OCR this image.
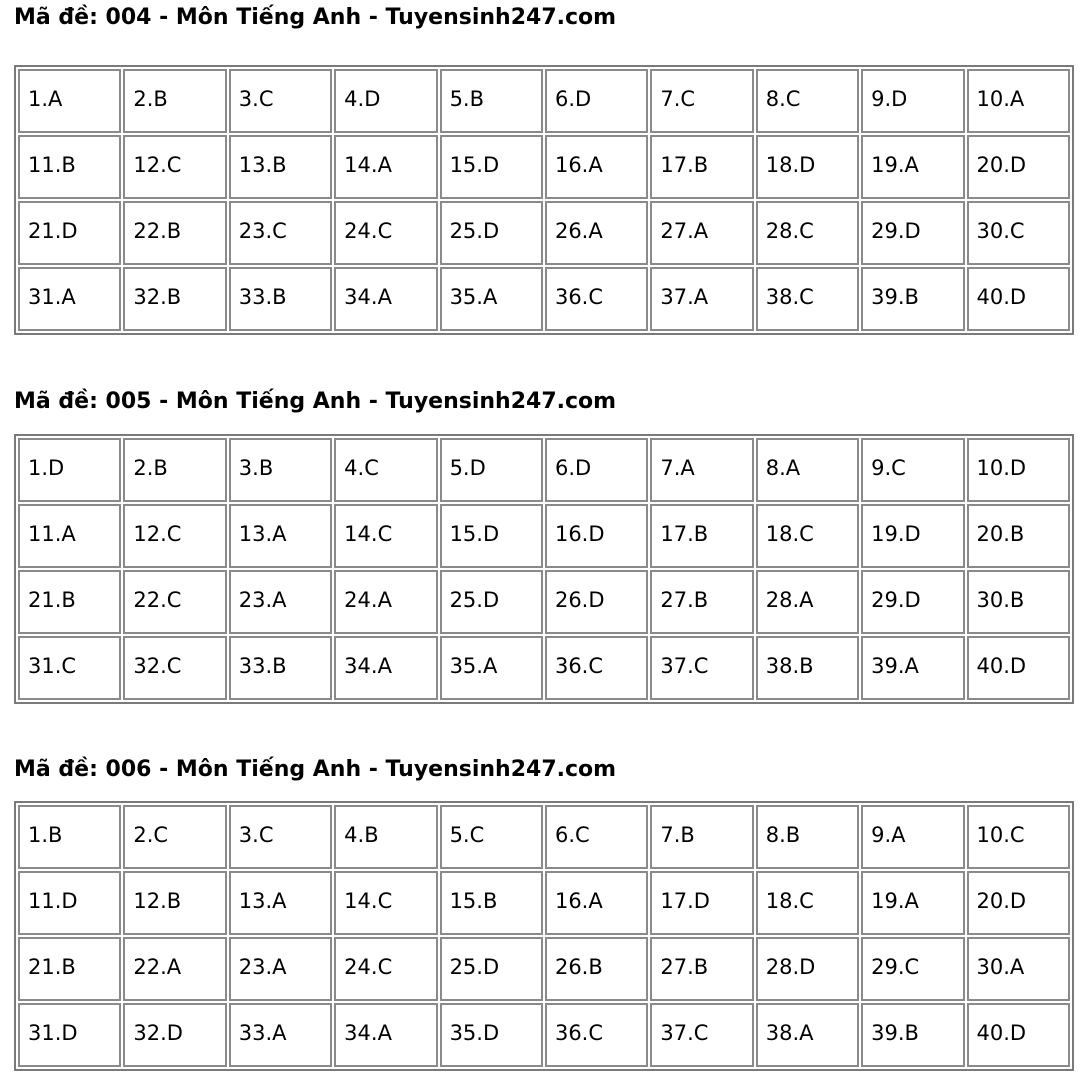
Mã đề: 004 - Môn Tiếng Anh - Tuyensinh247.com
1.A	2.B	3.C	4.D	5.B	6.D	7.C	8.C	9.D	10.A
11.B	12.C	13.B	14.A	15.D	16.A	17.B	18.D	19.A	20.D
21.D	22.B	23.C	24.C	25.D	26.A	27.A	28.C	29.D	30.C
31.A	32.B	33.B	34.A	35.A	36.C	37.A	38.C	39.B	40.D
Mã đề: 005 - Môn Tiếng Anh - Tuyensinh247.com
1.D	2.B	3.B	4.C	5.D	6.D	7.A	8.A	9.C	10.D
11.A	12.C	13.A	14.C	15.D	16.D	17.B	18.C	19.D	20.B
21.B	22.C	23.A	24.A	25.D	26.D	27.B	28.A	29.D	30.B
31.C	32.C	33.B	34.A	35.A	36.C	37.C	38.B	39.A	40.D
Mã đề: 006 - Môn Tiếng Anh - Tuyensinh247.com
1.B	2.C	3.C	4.B	5.C	6.C	7.B	8.B	9.A	10.C
11.D	12.B	13.A	14.C	15.B	16.A	17.D	18.C	19.A	20.D
21.B	22.A	23.A	24.C	25.D	26.B	27.B	28.D	29.C	30.A
31.D	32.D	33.A	34.A	35.D	36.C	37.C	38.A	39.B	40.D
